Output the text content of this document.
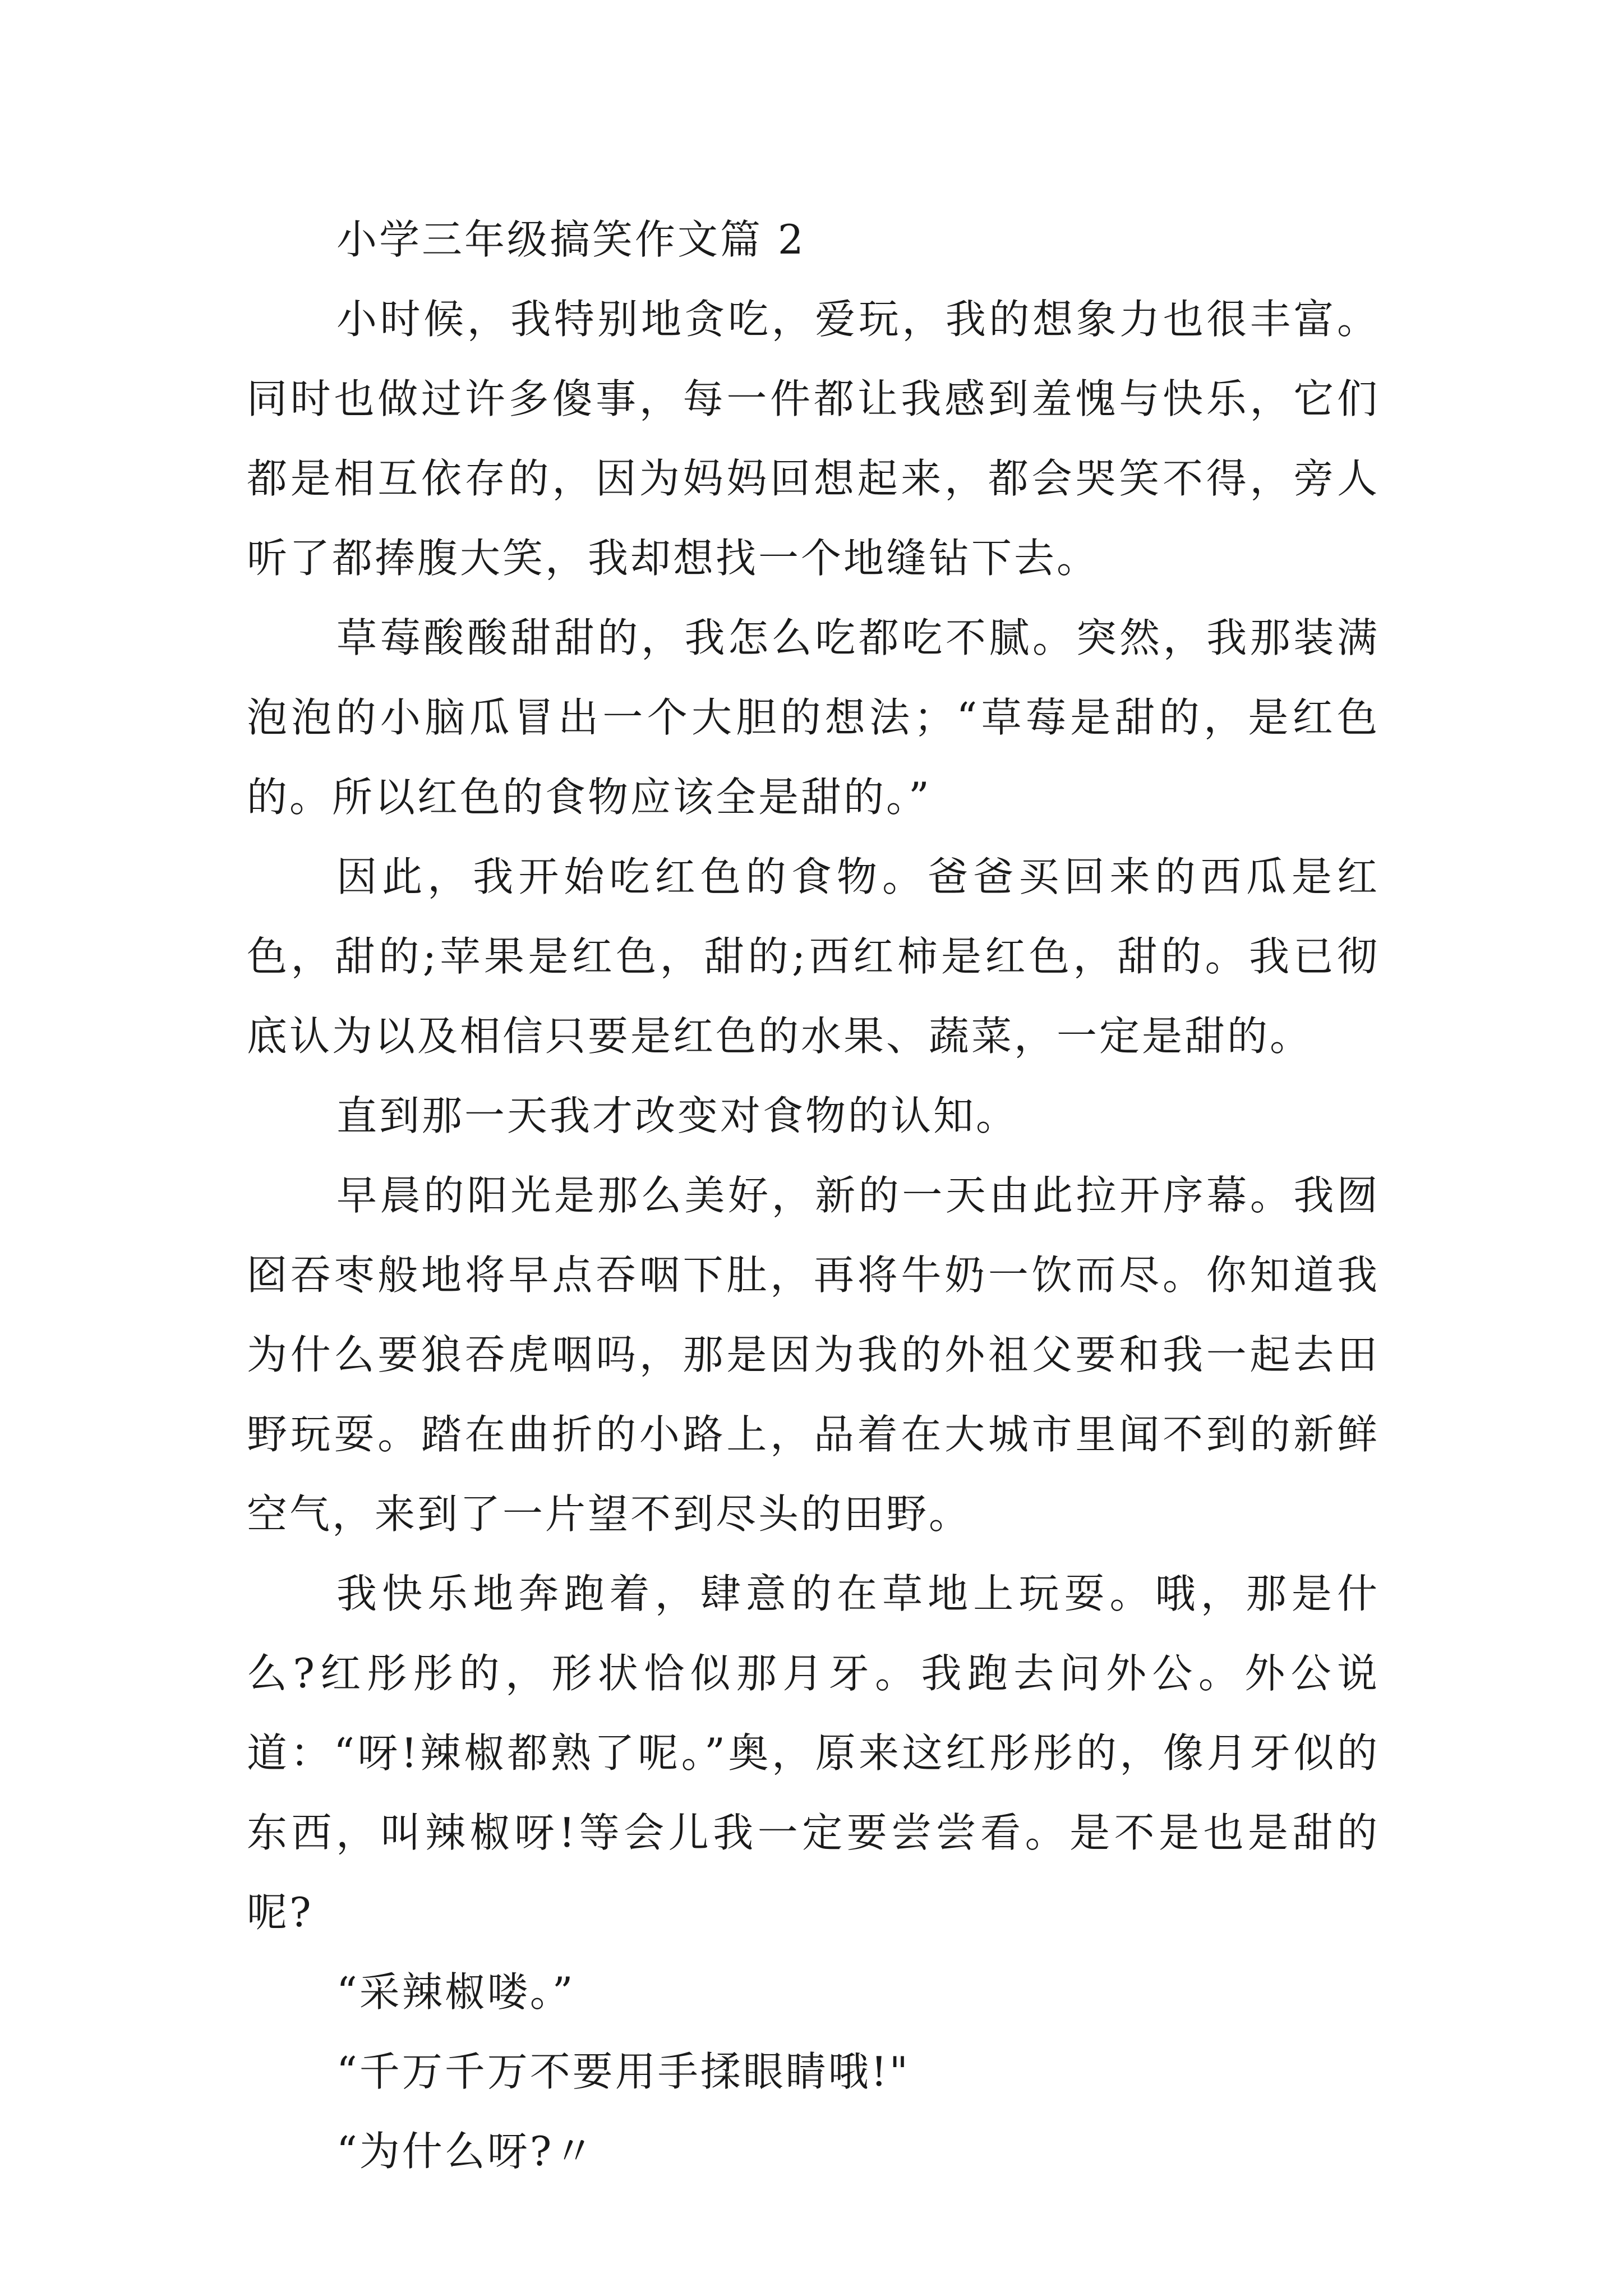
小学三年级搞笑作文篇 2

小时候，我特别地贪吃，爱玩，我的想象力也很丰富。同时也做过许多傻事，每一件都让我感到羞愧与快乐，它们都是相互依存的，因为妈妈回想起来，都会哭笑不得，旁人听了都捧腹大笑，我却想找一个地缝钻下去。

草莓酸酸甜甜的，我怎么吃都吃不腻。突然，我那装满泡泡的小脑瓜冒出一个大胆的想法；“草莓是甜的，是红色的。所以红色的食物应该全是甜的。”

因此，我开始吃红色的食物。爸爸买回来的西瓜是红色，甜的;苹果是红色，甜的;西红柿是红色，甜的。我已彻底认为以及相信只要是红色的水果、蔬菜，一定是甜的。

直到那一天我才改变对食物的认知。

早晨的阳光是那么美好，新的一天由此拉开序幕。我囫囵吞枣般地将早点吞咽下肚，再将牛奶一饮而尽。你知道我为什么要狼吞虎咽吗，那是因为我的外祖父要和我一起去田野玩耍。踏在曲折的小路上，品着在大城市里闻不到的新鲜空气，来到了一片望不到尽头的田野。

我快乐地奔跑着，肆意的在草地上玩耍。哦，那是什么?红彤彤的，形状恰似那月牙。我跑去问外公。外公说道：“呀!辣椒都熟了呢。”奥，原来这红彤彤的，像月牙似的东西，叫辣椒呀!等会儿我一定要尝尝看。是不是也是甜的呢?

“采辣椒喽。”

“千万千万不要用手揉眼睛哦!"

“为什么呀?〃
